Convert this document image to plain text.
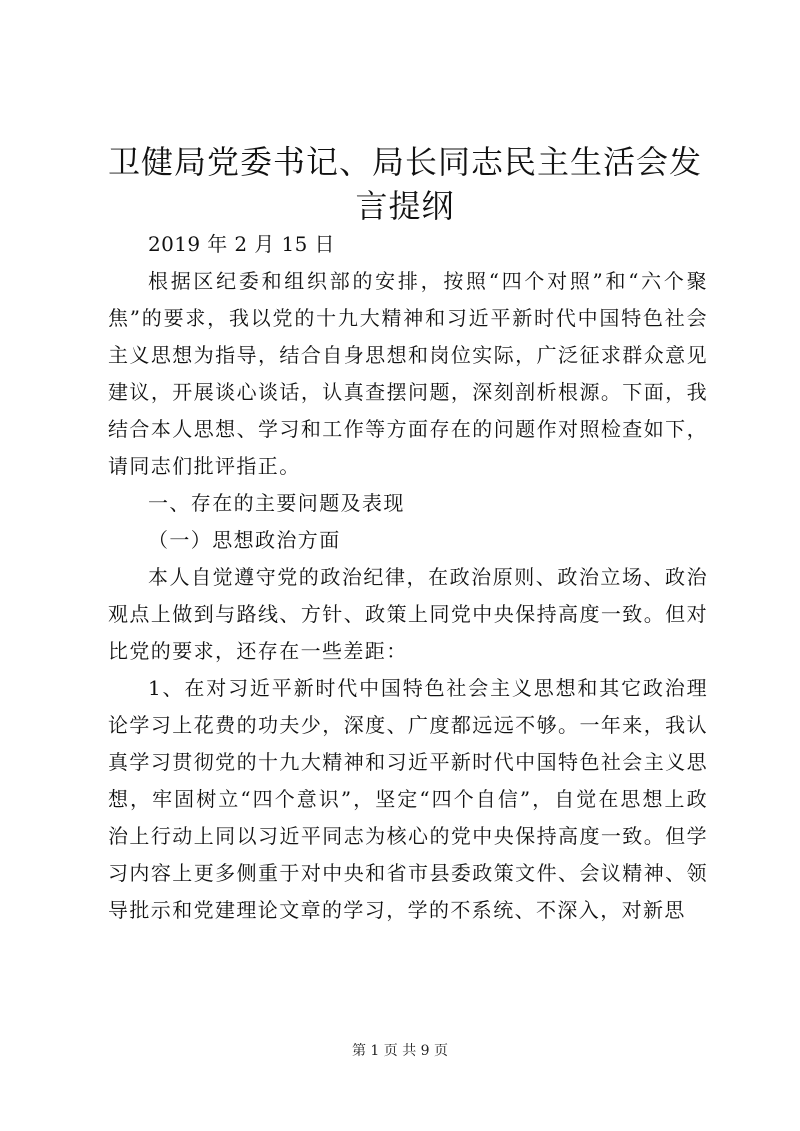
卫健局党委书记、局长同志民主生活会发言提纲

2019 年 2 月 15 日

根据区纪委和组织部的安排，按照“四个对照”和“六个聚焦”的要求，我以党的十九大精神和习近平新时代中国特色社会主义思想为指导，结合自身思想和岗位实际，广泛征求群众意见建议，开展谈心谈话，认真查摆问题，深刻剖析根源。下面，我结合本人思想、学习和工作等方面存在的问题作对照检查如下，请同志们批评指正。

一、存在的主要问题及表现

（一）思想政治方面

本人自觉遵守党的政治纪律，在政治原则、政治立场、政治观点上做到与路线、方针、政策上同党中央保持高度一致。但对比党的要求，还存在一些差距：

1、在对习近平新时代中国特色社会主义思想和其它政治理论学习上花费的功夫少，深度、广度都远远不够。一年来，我认真学习贯彻党的十九大精神和习近平新时代中国特色社会主义思想，牢固树立“四个意识”，坚定“四个自信”，自觉在思想上政治上行动上同以习近平同志为核心的党中央保持高度一致。但学习内容上更多侧重于对中央和省市县委政策文件、会议精神、领导批示和党建理论文章的学习，学的不系统、不深入，对新思

第 1 页 共 9 页
